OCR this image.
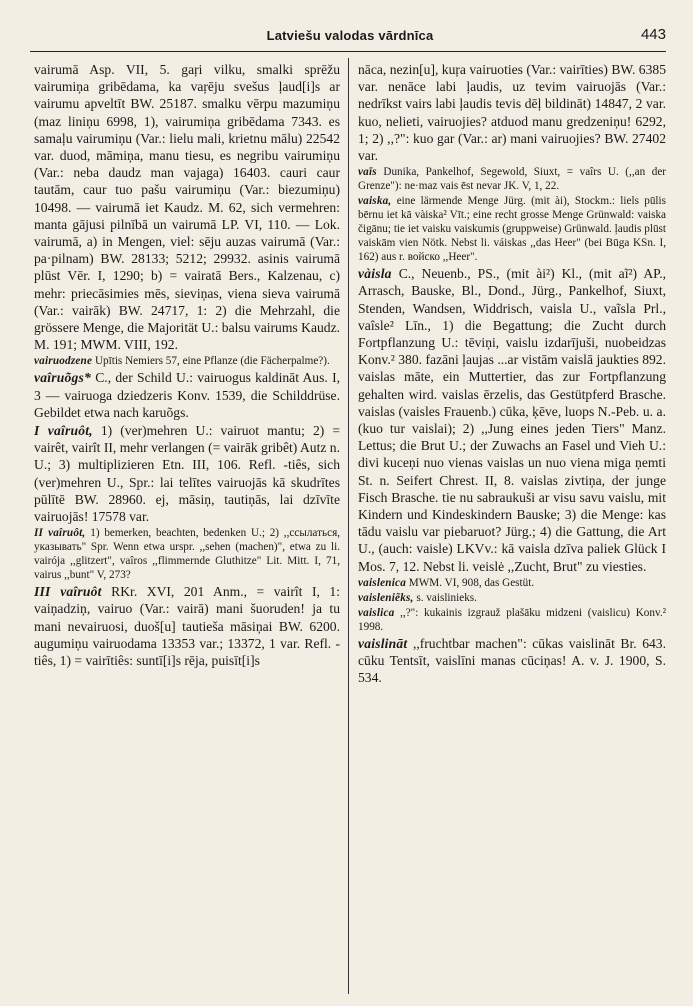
Latviešu valodas vārdnīca	443
vairumā Asp. VII, 5. gaŗi vilku, smalki sprēžu vairumiņa gribēdama, ka vaŗēju svešus ļaud[i]s ar vairumu apveltīt BW. 25187. smalku vērpu mazumiņu (maz liniņu 6998, 1), vairumiņa gribēdama 7343. es samaļu vairumiņu (Var.: lielu mali, krietnu mālu) 22542 var. duod, māmiņa, manu tiesu, es negribu vairumiņu (Var.: neba daudz man vajaga) 16403. cauri caur tautām, caur tuo pašu vairumiņu (Var.: biezumiņu) 10498. — vairumā iet Kaudz. M. 62, sich vermehren: manta gājusi pilnībā un vairumā LP. VI, 110. — Lok. vairumā, a) in Mengen, viel: sēju auzas vairumā (Var.: pa·pilnam) BW. 28133; 5212; 29932. asinis vairumā plūst Vēr. I, 1290; b) = vairatā Bers., Kalzenau, c) mehr: priecāsimies mēs, sieviņas, viena sieva vairumā (Var.: vairāk) BW. 24717, 1: 2) die Mehrzahl, die grössere Menge, die Majorität U.: balsu vairums Kaudz. M. 191; MWM. VIII, 192.
vairuodzene Upītis Nemiers 57, eine Pflanze (die Fächerpalme?).
vaîruõgs* C., der Schild U.: vairuogus kaldināt Aus. I, 3 — vairuoga dziedzeris Konv. 1539, die Schilddrüse. Gebildet etwa nach karuõgs.
I vaîruôt, 1) (ver)mehren U.: vairuot mantu; 2) = vairêt, vairît II, mehr verlangen (= vairāk gribêt) Autz n. U.; 3) multiplizieren Etn. III, 106. Refl. -tiês, sich (ver)mehren U., Spr.: lai telītes vairuojās kā skudrītes pūlītē BW. 28960. ej, māsiņ, tautiņās, lai dzīvīte vairuojās! 17578 var.
II vaîruôt, 1) bemerken, beachten, bedenken U.; 2) ,,ссылаться, указывать" Spr. Wenn etwa urspr. ,,sehen (machen)", etwa zu li. vairója ,,glitzert", vaîros ,,flimmernde Gluthitze" Lit. Mitt. I, 71, vairus ,,bunt" V, 273?
III vaîruôt RKr. XVI, 201 Anm., = vairît I, 1: vaiņadziņ, vairuo (Var.: vairā) mani šuoruden! ja tu mani nevairuosi, duoš[u] tautieša māsiņai BW. 6200. augumiņu vairuodama 13353 var.; 13372, 1 var. Refl. -tiês, 1) = vairītiês: suntī[i]s rēja, puisīt[i]s
nāca, nezin[u], kuŗa vairuoties (Var.: vairīties) BW. 6385 var. nenāce labi ļaudis, uz tevim vairuojās (Var.: nedrīkst vairs labi ļaudis tevis dēļ bildināt) 14847, 2 var. kuo, nelieti, vairuojies? atduod manu gredzeniņu! 6292, 1; 2) ,,?": kuo gar (Var.: ar) mani vairuojies? BW. 27402 var.
vaīs Dunika, Pankelhof, Segewold, Siuxt, = vaîrs U. (,,an der Grenze"): ne·maz vais ēst nevar JK. V, 1, 22.
vaiska, eine lärmende Menge Jürg. (mit ài), Stockm.: liels pūlis bērnu iet kā vàiska² Vīt.; eine recht grosse Menge Grünwald: vaiska čigānu; tie iet vaisku vaiskumis (gruppweise) Grünwald. ļaudis plūst vaiskām vien Nötk. Nebst li. váiskas ,,das Heer" (bei Būga KSn. I, 162) aus r. войско ,,Heer".
vàisla C., Neuenb., PS., (mit ài²) Kl., (mit aĩ²) AP., Arrasch, Bauske, Bl., Dond., Jürg., Pankelhof, Siuxt, Stenden, Wandsen, Widdrisch, vaisla U., vaĩsla Prl., vaîsle² Līn., 1) die Begattung; die Zucht durch Fortpflanzung U.: tēviņi, vaislu izdarījuši, nuobeidzas Konv.² 380. fazāni ļaujas ...ar vistām vaislā jaukties 892. vaislas māte, ein Muttertier, das zur Fortpflanzung gehalten wird. vaislas ērzelis, das Gestütpferd Brasche. vaislas (vaisles Frauenb.) cūka, ķēve, luops N.-Peb. u. a. (kuo tur vaislai); 2) ,,Jung eines jeden Tiers" Manz. Lettus; die Brut U.; der Zuwachs an Fasel und Vieh U.: divi kuceņi nuo vienas vaislas un nuo viena miga ņemti St. n. Seifert Chrest. II, 8. vaislas zivtiņa, der junge Fisch Brasche. tie nu sabraukuši ar visu savu vaislu, mit Kindern und Kindeskindern Bauske; 3) die Menge: kas tādu vaislu var piebaruot? Jürg.; 4) die Gattung, die Art U., (auch: vaisle) LKVv.: kā vaisla dzīva paliek Glück I Mos. 7, 12. Nebst li. veislė ,,Zucht, Brut" zu viesties.
vaislenica MWM. VI, 908, das Gestüt.
vaisleniẽks, s. vaislinieks.
vaislica ,,?": kukainis izgrauž plašāku midzeni (vaislicu) Konv.² 1998.
vaislināt ,,fruchtbar machen": cūkas vaislināt Br. 643. cūku Tentsīt, vaislīni manas cūciņas! A. v. J. 1900, S. 534.
